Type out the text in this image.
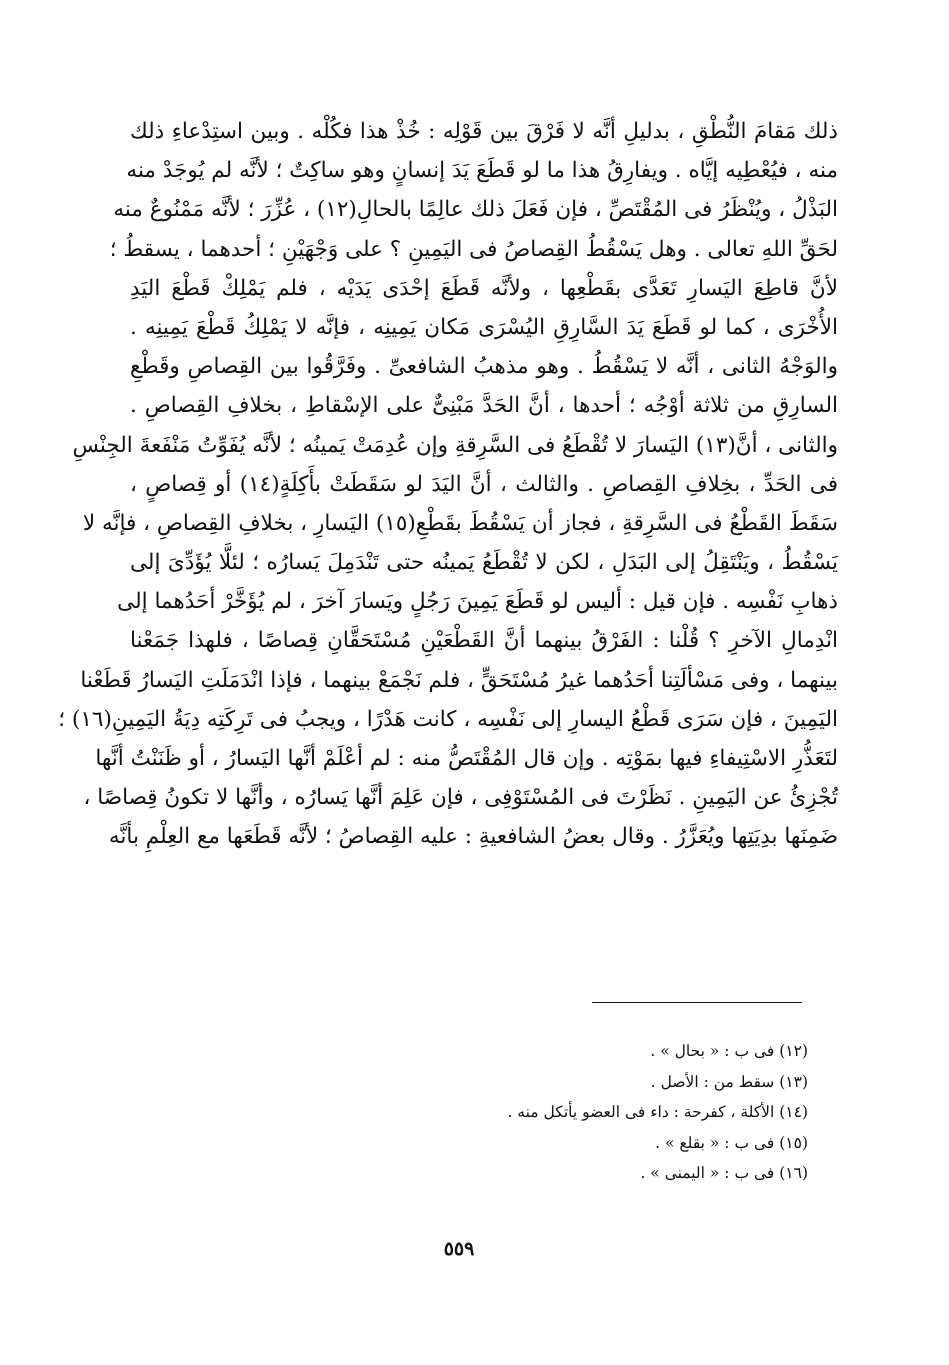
ذلك مَقامَ النُّطْقِ ، بدليلِ أنَّه لا فَرْقَ بين قَوْلِه : خُذْ هذا فكُلْه . وبين استِدْعاءِ ذلك
منه ، فيُعْطِيه إيَّاه . ويفارِقُ هذا ما لو قَطَعَ يَدَ إنسانٍ وهو ساكِتٌ ؛ لأنَّه لم يُوجَدْ منه
البَذْلُ ، ويُنْظَرُ فى المُقْتَصِّ ، فإن فَعَلَ ذلك عالِمًا بالحالِ(١٢) ، عُزِّرَ ؛ لأنَّه مَمْنُوعٌ منه
لحَقِّ اللهِ تعالى . وهل يَسْقُطُ القِصاصُ فى اليَمِينِ ؟ على وَجْهَيْنِ ؛ أحدهما ، يسقطُ ؛
لأنَّ قاطِعَ اليَسارِ تَعَدَّى بقَطْعِها ، ولأنَّه قَطَعَ إحْدَى يَدَيْه ، فلم يَمْلِكْ قَطْعَ اليَدِ
الأُخْرَى ، كما لو قَطَعَ يَدَ السَّارِقِ اليُسْرَى مَكان يَمِينِه ، فإنَّه لا يَمْلِكُ قَطْعَ يَمِينِه .
والوَجْهُ الثانى ، أنَّه لا يَسْقُطُ . وهو مذهبُ الشافعىِّ . وفَرَّقُوا بين القِصاصِ وقَطْعِ
السارِقِ من ثلاثة أوْجُه ؛ أحدها ، أنَّ الحَدَّ مَبْنِىٌّ على الإسْقاطِ ، بخلافِ القِصاصِ .
والثانى ، أنَّ(١٣) اليَسارَ لا تُقْطَعُ فى السَّرِقةِ وإن عُدِمَتْ يَمينُه ؛ لأنَّه يُفَوِّتُ مَنْفَعةَ الجِنْسِ
فى الحَدِّ ، بخِلافِ القِصاصِ . والثالث ، أنَّ اليَدَ لو سَقَطَتْ بأَكِلَةٍ(١٤) أو قِصاصٍ ،
سَقَطَ القَطْعُ فى السَّرِقةِ ، فجاز أن يَسْقُطَ بقَطْعِ(١٥) اليَسارِ ، بخلافِ القِصاصِ ، فإنَّه لا
يَسْقُطُ ، ويَنْتَقِلُ إلى البَدَلِ ، لكن لا تُقْطَعُ يَمينُه حتى تَنْدَمِلَ يَسارُه ؛ لئلَّا يُؤَدِّىَ إلى
ذهابِ نَفْسِه . فإن قيل : أليس لو قَطَعَ يَمِينَ رَجُلٍ ويَسارَ آخرَ ، لم يُؤَخَّرْ أحَدُهما إلى
انْدِمالِ الآخرِ ؟ قُلْنا : الفَرْقُ بينهما أنَّ القَطْعَيْنِ مُسْتَحَقَّانِ قِصاصًا ، فلهذا جَمَعْنا
بينهما ، وفى مَسْألَتِنا أحَدُهما غيرُ مُسْتَحَقٍّ ، فلم نَجْمَعْ بينهما ، فإذا انْدَمَلَتِ اليَسارُ قَطَعْنا
اليَمِينَ ، فإن سَرَى قَطْعُ اليسارِ إلى نَفْسِه ، كانت هَدْرًا ، ويجبُ فى تَرِكَتِه دِيَةُ اليَمِينِ(١٦) ؛
لتَعَذُّرِ الاسْتِيفاءِ فيها بمَوْتِه . وإن قال المُقْتَصُّ منه : لم أعْلَمْ أنَّها اليَسارُ ، أو ظَنَنْتُ أنَّها
تُجْزِئُ عن اليَمِينِ . نَظَرْتَ فى المُسْتَوْفِى ، فإن عَلِمَ أنَّها يَسارُه ، وأنَّها لا تكونُ قِصاصًا ،
ضَمِنَها بدِيَتِها ويُعَزَّرُ . وقال بعضُ الشافعيةِ : عليه القِصاصُ ؛ لأنَّه قَطَعَها مع العِلْمِ بأنَّه
(١٢) فى ب : « بحال » .
(١٣) سقط من : الأصل .
(١٤) الأكلة ، كفرحة : داء فى العضو يأتكل منه .
(١٥) فى ب : « بقلع » .
(١٦) فى ب : « اليمنى » .
٥٥٩
